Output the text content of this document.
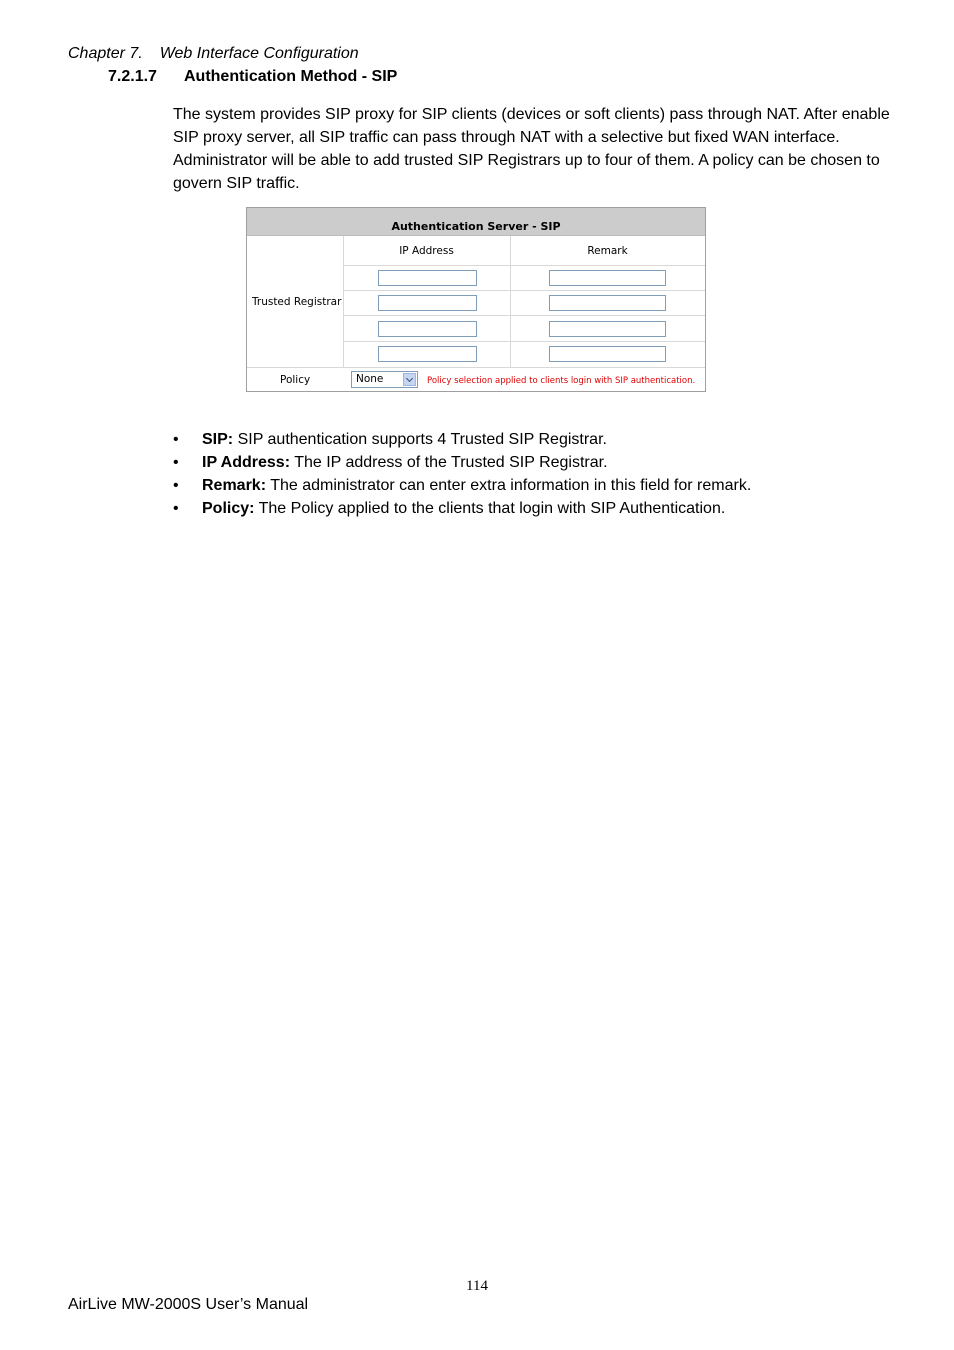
Chapter 7. Web Interface Configuration
7.2.1.7 Authentication Method - SIP

The system provides SIP proxy for SIP clients (devices or soft clients) pass through NAT. After enable SIP proxy server, all SIP traffic can pass through NAT with a selective but fixed WAN interface. Administrator will be able to add trusted SIP Registrars up to four of them. A policy can be chosen to govern SIP traffic.

Authentication Server - SIP
IP Address	Remark
Trusted Registrar
Policy	None	Policy selection applied to clients login with SIP authentication.
• SIP: SIP authentication supports 4 Trusted SIP Registrar.
• IP Address: The IP address of the Trusted SIP Registrar.
• Remark: The administrator can enter extra information in this field for remark.
• Policy: The Policy applied to the clients that login with SIP Authentication.
114
AirLive MW-2000S User’s Manual
